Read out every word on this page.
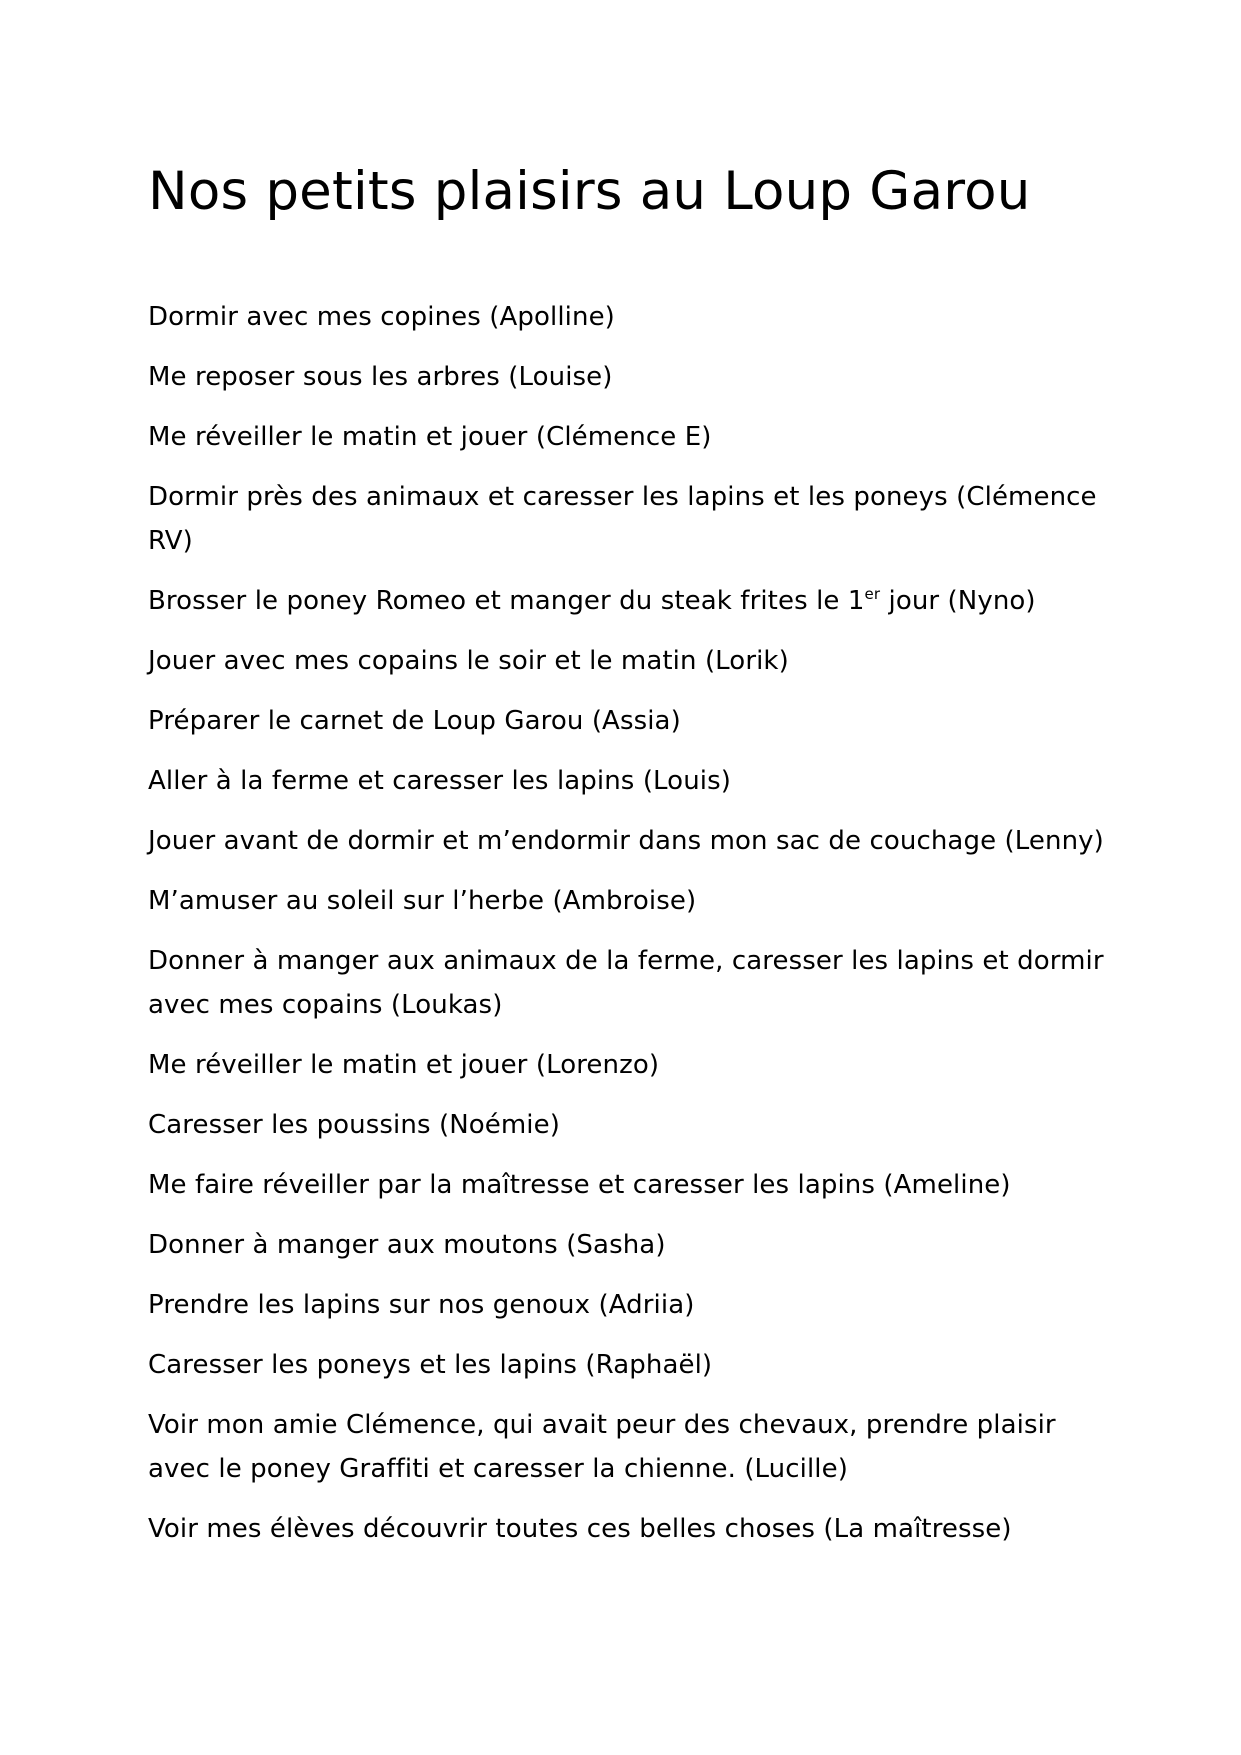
Nos petits plaisirs au Loup Garou
Dormir avec mes copines (Apolline)
Me reposer sous les arbres (Louise)
Me réveiller le matin et jouer (Clémence E)
Dormir près des animaux et caresser les lapins et les poneys (Clémence RV)
Brosser le poney Romeo et manger du steak frites le 1er jour (Nyno)
Jouer avec mes copains le soir et le matin (Lorik)
Préparer le carnet de Loup Garou (Assia)
Aller à la ferme et caresser les lapins (Louis)
Jouer avant de dormir et m’endormir dans mon sac de couchage (Lenny)
M’amuser au soleil sur l’herbe (Ambroise)
Donner à manger aux animaux de la ferme, caresser les lapins et dormir avec mes copains (Loukas)
Me réveiller le matin et jouer (Lorenzo)
Caresser les poussins (Noémie)
Me faire réveiller par la maîtresse et caresser les lapins (Ameline)
Donner à manger aux moutons (Sasha)
Prendre les lapins sur nos genoux (Adriia)
Caresser les poneys et les lapins (Raphaël)
Voir mon amie Clémence, qui avait peur des chevaux, prendre plaisir avec le poney Graffiti et caresser la chienne. (Lucille)
Voir mes élèves découvrir toutes ces belles choses (La maîtresse)
